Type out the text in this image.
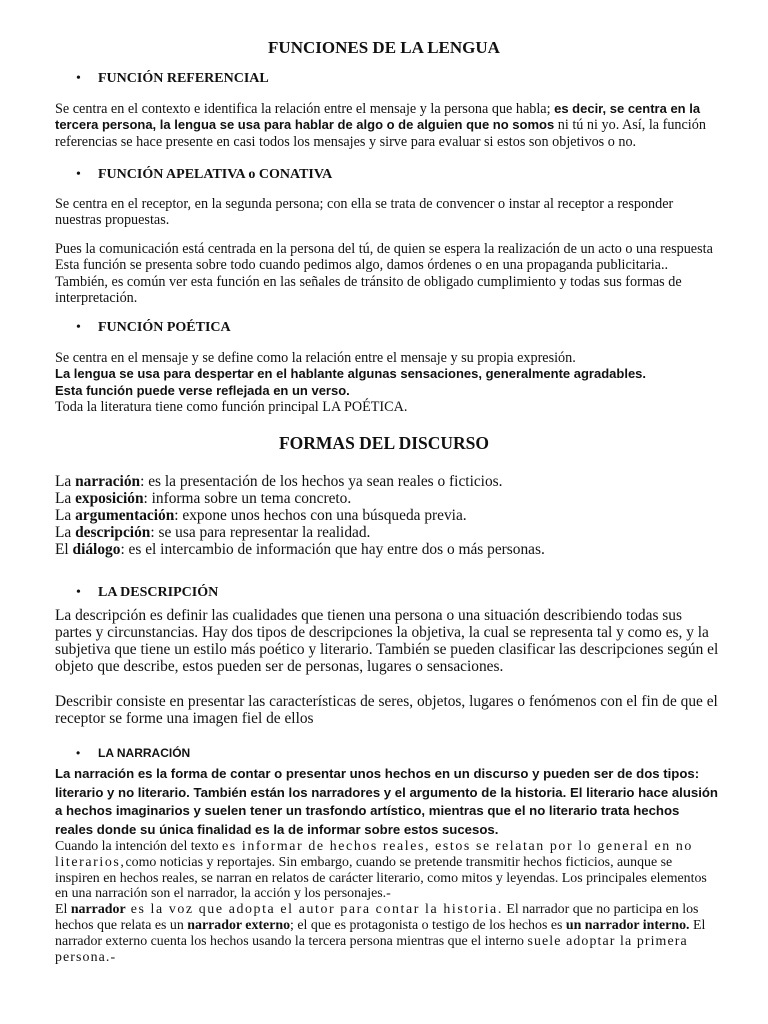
FUNCIONES DE LA LENGUA
• FUNCIÓN REFERENCIAL

Se centra en el contexto e identifica la relación entre el mensaje y la persona que habla; es decir, se centra en la tercera persona, la lengua se usa para hablar de algo o de alguien que no somos ni tú ni yo. Así, la función referencias se hace presente en casi todos los mensajes y sirve para evaluar si estos son objetivos o no.

• FUNCIÓN APELATIVA o CONATIVA

Se centra en el receptor, en la segunda persona; con ella se trata de convencer o instar al receptor a responder nuestras propuestas.

Pues la comunicación está centrada en la persona del tú, de quien se espera la realización de un acto o una respuesta
Esta función se presenta sobre todo cuando pedimos algo, damos órdenes o en una propaganda publicitaria..
También, es común ver esta función en las señales de tránsito de obligado cumplimiento y todas sus formas de interpretación.

• FUNCIÓN POÉTICA

Se centra en el mensaje y se define como la relación entre el mensaje y su propia expresión.
La lengua se usa para despertar en el hablante algunas sensaciones, generalmente agradables.
Esta función puede verse reflejada en un verso.
Toda la literatura tiene como función principal LA POÉTICA.

FORMAS DEL DISCURSO
La narración: es la presentación de los hechos ya sean reales o ficticios.
La exposición: informa sobre un tema concreto.
La argumentación: expone unos hechos con una búsqueda previa.
La descripción: se usa para representar la realidad.
El diálogo: es el intercambio de información que hay entre dos o más personas.
• LA DESCRIPCIÓN

La descripción es definir las cualidades que tienen una persona o una situación describiendo todas sus partes y circunstancias. Hay dos tipos de descripciones la objetiva, la cual se representa tal y como es, y la subjetiva que tiene un estilo más poético y literario. También se pueden clasificar las descripciones según el objeto que describe, estos pueden ser de personas, lugares o sensaciones.

Describir consiste en presentar las características de seres, objetos, lugares o fenómenos con el fin de que el receptor se forme una imagen fiel de ellos

• LA NARRACIÓN

La narración es la forma de contar o presentar unos hechos en un discurso y pueden ser de dos tipos: literario y no literario. También están los narradores y el argumento de la historia. El literario hace alusión a hechos imaginarios y suelen tener un trasfondo artístico, mientras que el no literario trata hechos reales donde su única finalidad es la de informar sobre estos sucesos.

Cuando la intención del texto es informar de hechos reales, estos se relatan por lo general en no literarios,como noticias y reportajes. Sin embargo, cuando se pretende transmitir hechos ficticios, aunque se inspiren en hechos reales, se narran en relatos de carácter literario, como mitos y leyendas. Los principales elementos en una narración son el narrador, la acción y los personajes.-
El narrador es la voz que adopta el autor para contar la historia. El narrador que no participa en los hechos que relata es un narrador externo; el que es protagonista o testigo de los hechos es un narrador interno. El narrador externo cuenta los hechos usando la tercera persona mientras que el interno suele adoptar la primera persona.-
